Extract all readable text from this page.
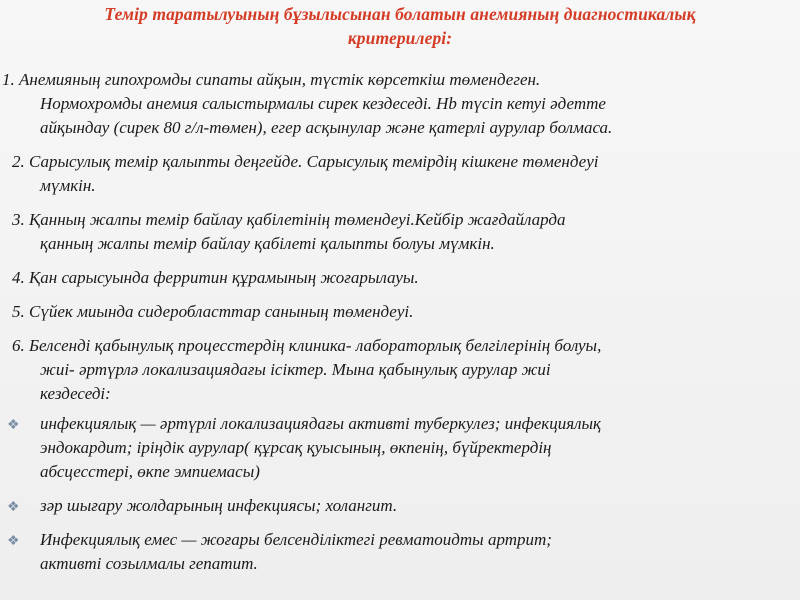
Темір таратылуының бұзылысынан болатын анемияның диагностикалық
критерилері:
1. Анемияның гипохромды сипаты айқын, түстік көрсеткіш төмендеген.
Нормохромды анемия салыстырмалы сирек кездеседі. Нb түсіп кетуі әдетте
айқындау (сирек 80 г/л-төмен), егер асқынулар және қатерлі аурулар болмаса.
2. Сарысулық темір қалыпты деңгейде. Сарысулық темірдің кішкене төмендеуі
мүмкін.
3. Қанның жалпы темір байлау қабілетінің төмендеуі.Кейбір жағдайларда
қанның жалпы темір байлау қабілеті қалыпты болуы мүмкін.
4. Қан сарысуында ферритин құрамының жоғарылауы.
5. Сүйек миында сидеробласттар санының төмендеуі.
6. Белсенді қабынулық процесстердің клиника- лабораторлық белгілерінің болуы,
жиі- әртүрлә локализациядағы ісіктер. Мына қабынулық аурулар жиі
кездеседі:
❖ инфекциялық — әртүрлі локализациядағы активті туберкулез; инфекциялық
эндокардит; іріңдік аурулар( құрсақ қуысының, өкпенің, бүйректердің
абсцесстері, өкпе эмпиемасы)
❖ зәр шығару жолдарының инфекциясы; холангит.
❖ Инфекциялық емес — жоғары белсенділіктегі ревматоидты артрит;
активті созылмалы гепатит.
